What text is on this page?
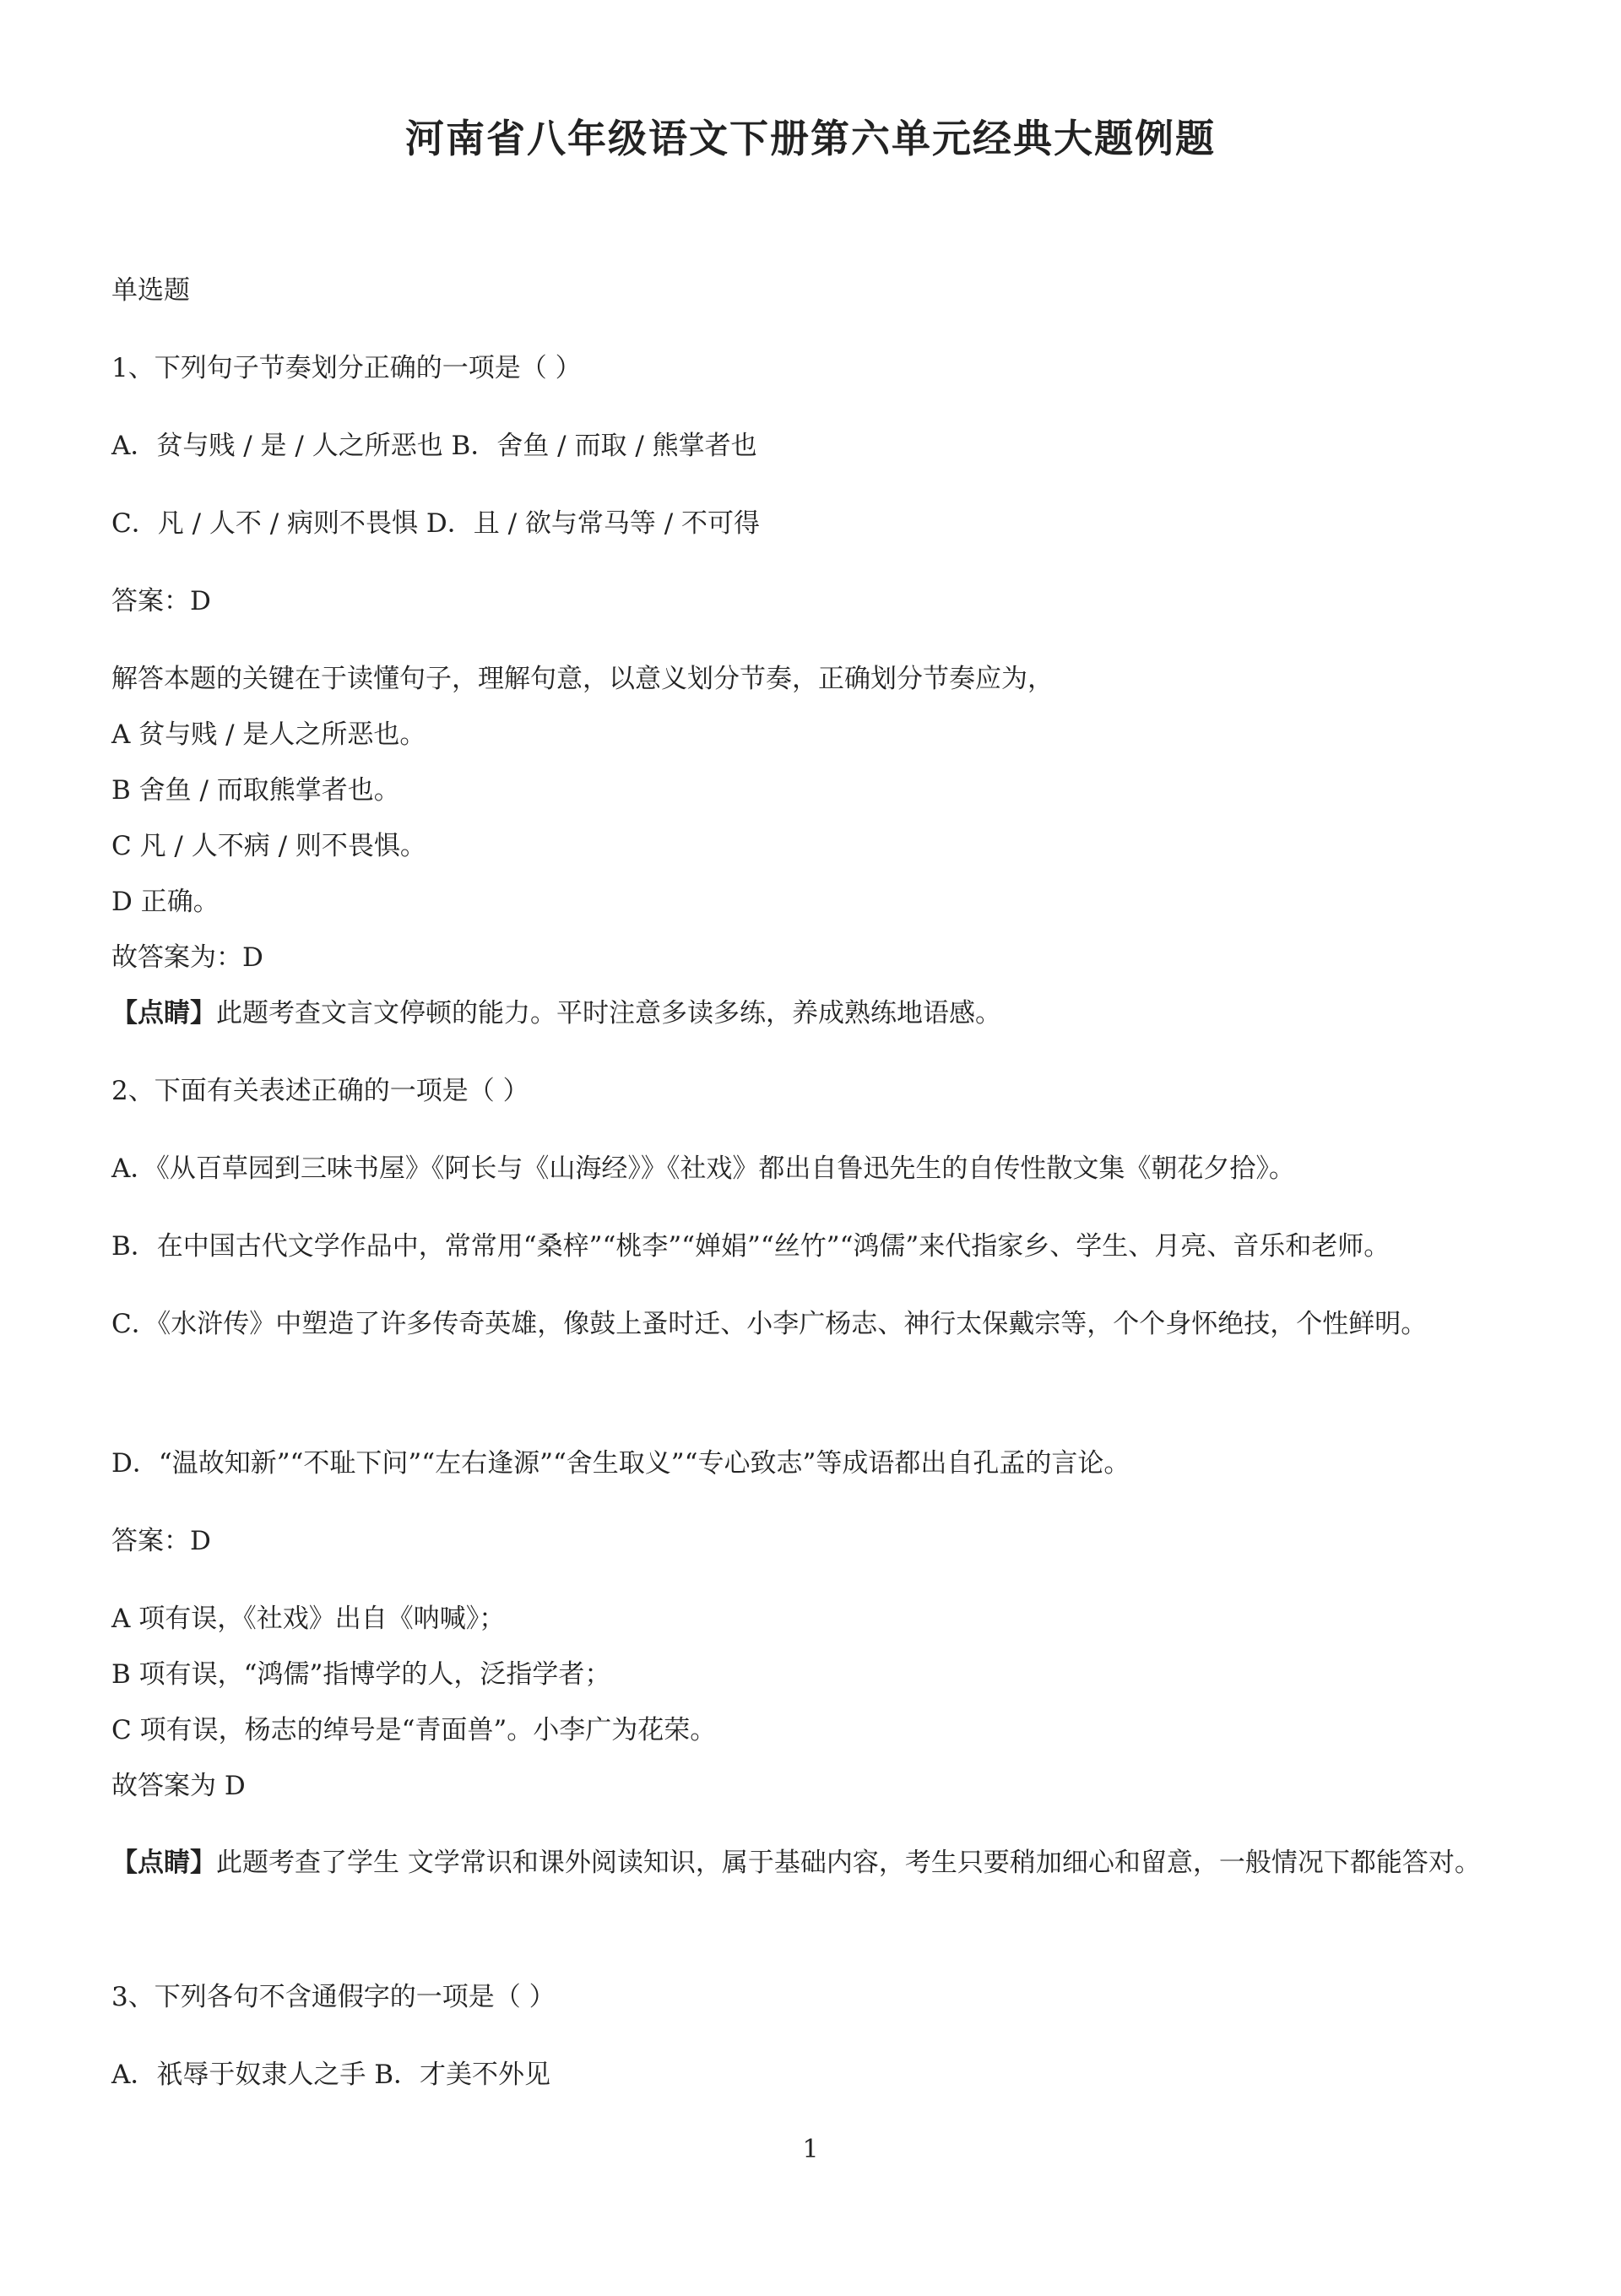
河南省八年级语文下册第六单元经典大题例题
单选题
1、下列句子节奏划分正确的一项是（ ）
A．贫与贱 / 是 / 人之所恶也 B．舍鱼 / 而取 / 熊掌者也
C．凡 / 人不 / 病则不畏惧 D．且 / 欲与常马等 / 不可得
答案：D
解答本题的关键在于读懂句子，理解句意，以意义划分节奏，正确划分节奏应为，
A 贫与贱 / 是人之所恶也。
B 舍鱼 / 而取熊掌者也。
C 凡 / 人不病 / 则不畏惧。
D 正确。
故答案为：D
【点睛】此题考查文言文停顿的能力。平时注意多读多练，养成熟练地语感。
2、下面有关表述正确的一项是（ ）
A．《从百草园到三味书屋》《阿长与《山海经》》《社戏》都出自鲁迅先生的自传性散文集《朝花夕拾》。
B．在中国古代文学作品中，常常用“桑梓”“桃李”“婵娟”“丝竹”“鸿儒”来代指家乡、学生、月亮、音乐和老师。
C．《水浒传》中塑造了许多传奇英雄，像鼓上蚤时迁、小李广杨志、神行太保戴宗等，个个身怀绝技，个性鲜明。
D．“温故知新”“不耻下问”“左右逢源”“舍生取义”“专心致志”等成语都出自孔孟的言论。
答案：D
A 项有误，《社戏》出自《呐喊》；
B 项有误，“鸿儒”指博学的人，泛指学者；
C 项有误，杨志的绰号是“青面兽”。小李广为花荣。
故答案为 D
【点睛】此题考查了学生 文学常识和课外阅读知识，属于基础内容，考生只要稍加细心和留意，一般情况下都能答对。
3、下列各句不含通假字的一项是（ ）
A．祇辱于奴隶人之手 B．才美不外见
1
